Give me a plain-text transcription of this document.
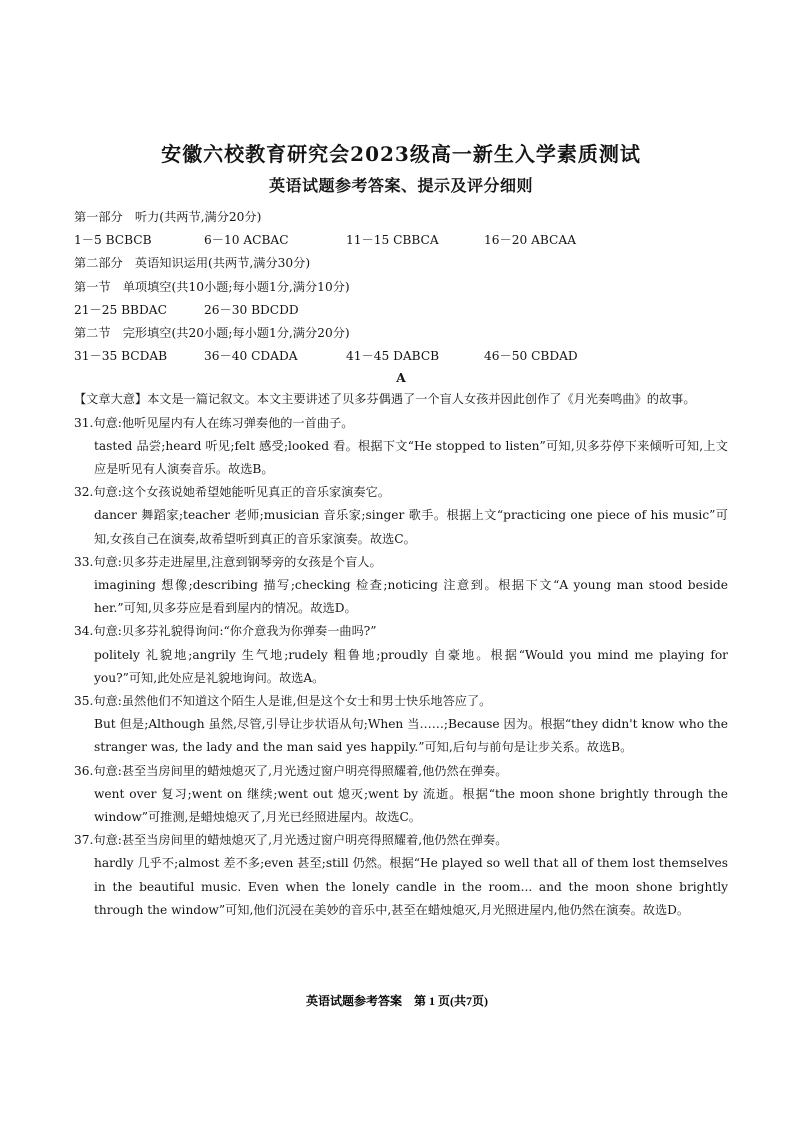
安徽六校教育研究会2023级高一新生入学素质测试
英语试题参考答案、提示及评分细则
第一部分　听力(共两节,满分20分)
1－5 BCBCB	6－10 ACBAC	11－15 CBBCA	16－20 ABCAA
第二部分　英语知识运用(共两节,满分30分)
第一节　单项填空(共10小题;每小题1分,满分10分)
21－25 BBDAC	26－30 BDCDD
第二节　完形填空(共20小题;每小题1分,满分20分)
31－35 BCDAB	36－40 CDADA	41－45 DABCB	46－50 CBDAD
A
【文章大意】本文是一篇记叙文。本文主要讲述了贝多芬偶遇了一个盲人女孩并因此创作了《月光奏鸣曲》的故事。
31.句意:他听见屋内有人在练习弹奏他的一首曲子。
tasted 品尝;heard 听见;felt 感受;looked 看。根据下文“He stopped to listen”可知,贝多芬停下来倾听可知,上文应是听见有人演奏音乐。故选B。
32.句意:这个女孩说她希望她能听见真正的音乐家演奏它。
dancer 舞蹈家;teacher 老师;musician 音乐家;singer 歌手。根据上文“practicing one piece of his music”可知,女孩自己在演奏,故希望听到真正的音乐家演奏。故选C。
33.句意:贝多芬走进屋里,注意到钢琴旁的女孩是个盲人。
imagining 想像;describing 描写;checking 检查;noticing 注意到。根据下文“A young man stood beside her.”可知,贝多芬应是看到屋内的情况。故选D。
34.句意:贝多芬礼貌得询问:“你介意我为你弹奏一曲吗?”
politely 礼貌地;angrily 生气地;rudely 粗鲁地;proudly 自豪地。根据“Would you mind me playing for you?”可知,此处应是礼貌地询问。故选A。
35.句意:虽然他们不知道这个陌生人是谁,但是这个女士和男士快乐地答应了。
But 但是;Although 虽然,尽管,引导让步状语从句;When 当……;Because 因为。根据“they didn't know who the stranger was, the lady and the man said yes happily.”可知,后句与前句是让步关系。故选B。
36.句意:甚至当房间里的蜡烛熄灭了,月光透过窗户明亮得照耀着,他仍然在弹奏。
went over 复习;went on 继续;went out 熄灭;went by 流逝。根据“the moon shone brightly through the window”可推测,是蜡烛熄灭了,月光已经照进屋内。故选C。
37.句意:甚至当房间里的蜡烛熄灭了,月光透过窗户明亮得照耀着,他仍然在弹奏。
hardly 几乎不;almost 差不多;even 甚至;still 仍然。根据“He played so well that all of them lost themselves in the beautiful music. Even when the lonely candle in the room... and the moon shone brightly through the window”可知,他们沉浸在美妙的音乐中,甚至在蜡烛熄灭,月光照进屋内,他仍然在演奏。故选D。
英语试题参考答案　第 1 页(共7页)
